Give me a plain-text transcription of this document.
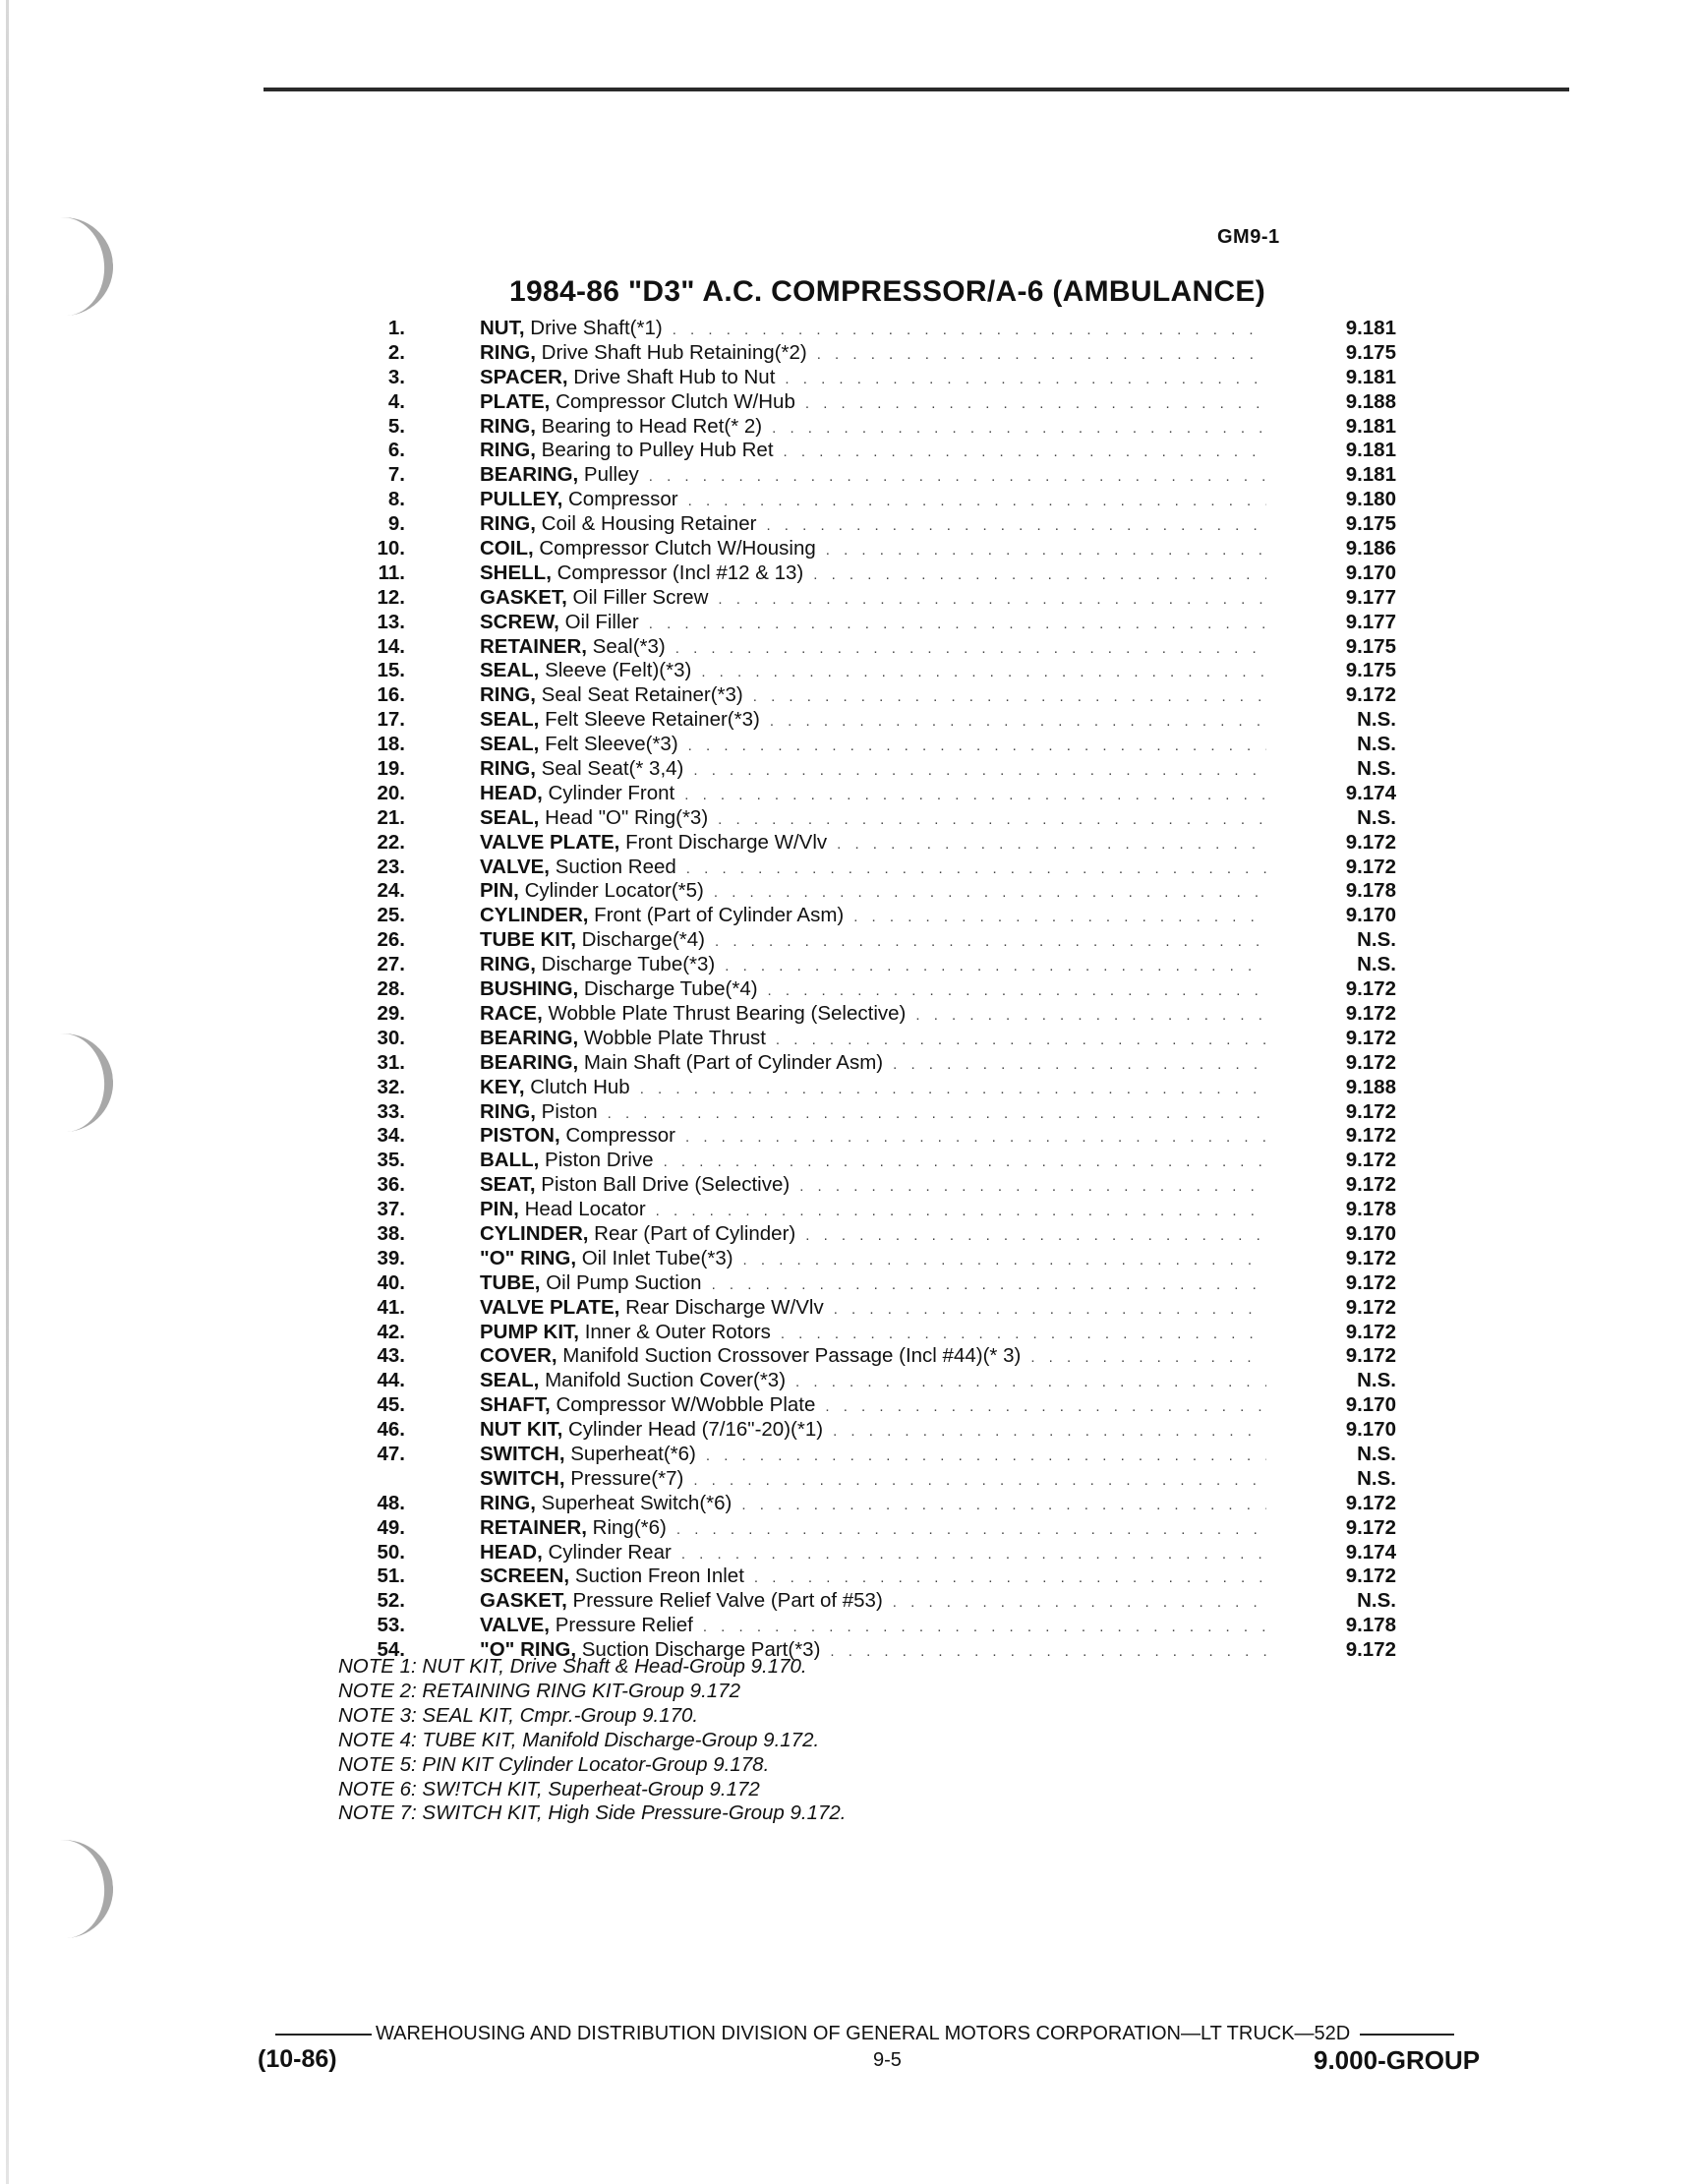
GM9-1
1984-86 "D3" A.C. COMPRESSOR/A-6 (AMBULANCE)
1.	NUT, Drive Shaft(*1) . . .	9.181
2.	RING, Drive Shaft Hub Retaining(*2) . . .	9.175
3.	SPACER, Drive Shaft Hub to Nut . . .	9.181
4.	PLATE, Compressor Clutch W/Hub . . .	9.188
5.	RING, Bearing to Head Ret(* 2) . . .	9.181
6.	RING, Bearing to Pulley Hub Ret . . .	9.181
7.	BEARING, Pulley . . .	9.181
8.	PULLEY, Compressor . . .	9.180
9.	RING, Coil & Housing Retainer . . .	9.175
10.	COIL, Compressor Clutch W/Housing . . .	9.186
11.	SHELL, Compressor (Incl #12 & 13) . . .	9.170
12.	GASKET, Oil Filler Screw . . .	9.177
13.	SCREW, Oil Filler . . .	9.177
14.	RETAINER, Seal(*3) . . .	9.175
15.	SEAL, Sleeve (Felt)(*3) . . .	9.175
16.	RING, Seal Seat Retainer(*3) . . .	9.172
17.	SEAL, Felt Sleeve Retainer(*3) . . .	N.S.
18.	SEAL, Felt Sleeve(*3) . . .	N.S.
19.	RING, Seal Seat(* 3,4) . . .	N.S.
20.	HEAD, Cylinder Front . . .	9.174
21.	SEAL, Head "O" Ring(*3) . . .	N.S.
22.	VALVE PLATE, Front Discharge W/Vlv . . .	9.172
23.	VALVE, Suction Reed . . .	9.172
24.	PIN, Cylinder Locator(*5) . . .	9.178
25.	CYLINDER, Front (Part of Cylinder Asm) . . .	9.170
26.	TUBE KIT, Discharge(*4) . . .	N.S.
27.	RING, Discharge Tube(*3) . . .	N.S.
28.	BUSHING, Discharge Tube(*4) . . .	9.172
29.	RACE, Wobble Plate Thrust Bearing (Selective) . . .	9.172
30.	BEARING, Wobble Plate Thrust . . .	9.172
31.	BEARING, Main Shaft (Part of Cylinder Asm) . . .	9.172
32.	KEY, Clutch Hub . . .	9.188
33.	RING, Piston . . .	9.172
34.	PISTON, Compressor . . .	9.172
35.	BALL, Piston Drive . . .	9.172
36.	SEAT, Piston Ball Drive (Selective) . . .	9.172
37.	PIN, Head Locator . . .	9.178
38.	CYLINDER, Rear (Part of Cylinder) . . .	9.170
39.	"O" RING, Oil Inlet Tube(*3) . . .	9.172
40.	TUBE, Oil Pump Suction . . .	9.172
41.	VALVE PLATE, Rear Discharge W/Vlv . . .	9.172
42.	PUMP KIT, Inner & Outer Rotors . . .	9.172
43.	COVER, Manifold Suction Crossover Passage (Incl #44)(* 3) . . .	9.172
44.	SEAL, Manifold Suction Cover(*3) . . .	N.S.
45.	SHAFT, Compressor W/Wobble Plate . . .	9.170
46.	NUT KIT, Cylinder Head (7/16"-20)(*1) . . .	9.170
47.	SWITCH, Superheat(*6) . . .	N.S.
SWITCH, Pressure(*7) . . .	N.S.
48.	RING, Superheat Switch(*6) . . .	9.172
49.	RETAINER, Ring(*6) . . .	9.172
50.	HEAD, Cylinder Rear . . .	9.174
51.	SCREEN, Suction Freon Inlet . . .	9.172
52.	GASKET, Pressure Relief Valve (Part of #53) . . .	N.S.
53.	VALVE, Pressure Relief . . .	9.178
54.	"O" RING, Suction Discharge Part(*3) . . .	9.172
NOTE 1: NUT KIT, Drive Shaft & Head-Group 9.170.
NOTE 2: RETAINING RING KIT-Group 9.172
NOTE 3: SEAL KIT, Cmpr.-Group 9.170.
NOTE 4: TUBE KIT, Manifold Discharge-Group 9.172.
NOTE 5: PIN KIT Cylinder Locator-Group 9.178.
NOTE 6: SW!TCH KIT, Superheat-Group 9.172
NOTE 7: SWITCH KIT, High Side Pressure-Group 9.172.
WAREHOUSING AND DISTRIBUTION DIVISION OF GENERAL MOTORS CORPORATION—LT TRUCK—52D
(10-86)	9-5	9.000-GROUP
